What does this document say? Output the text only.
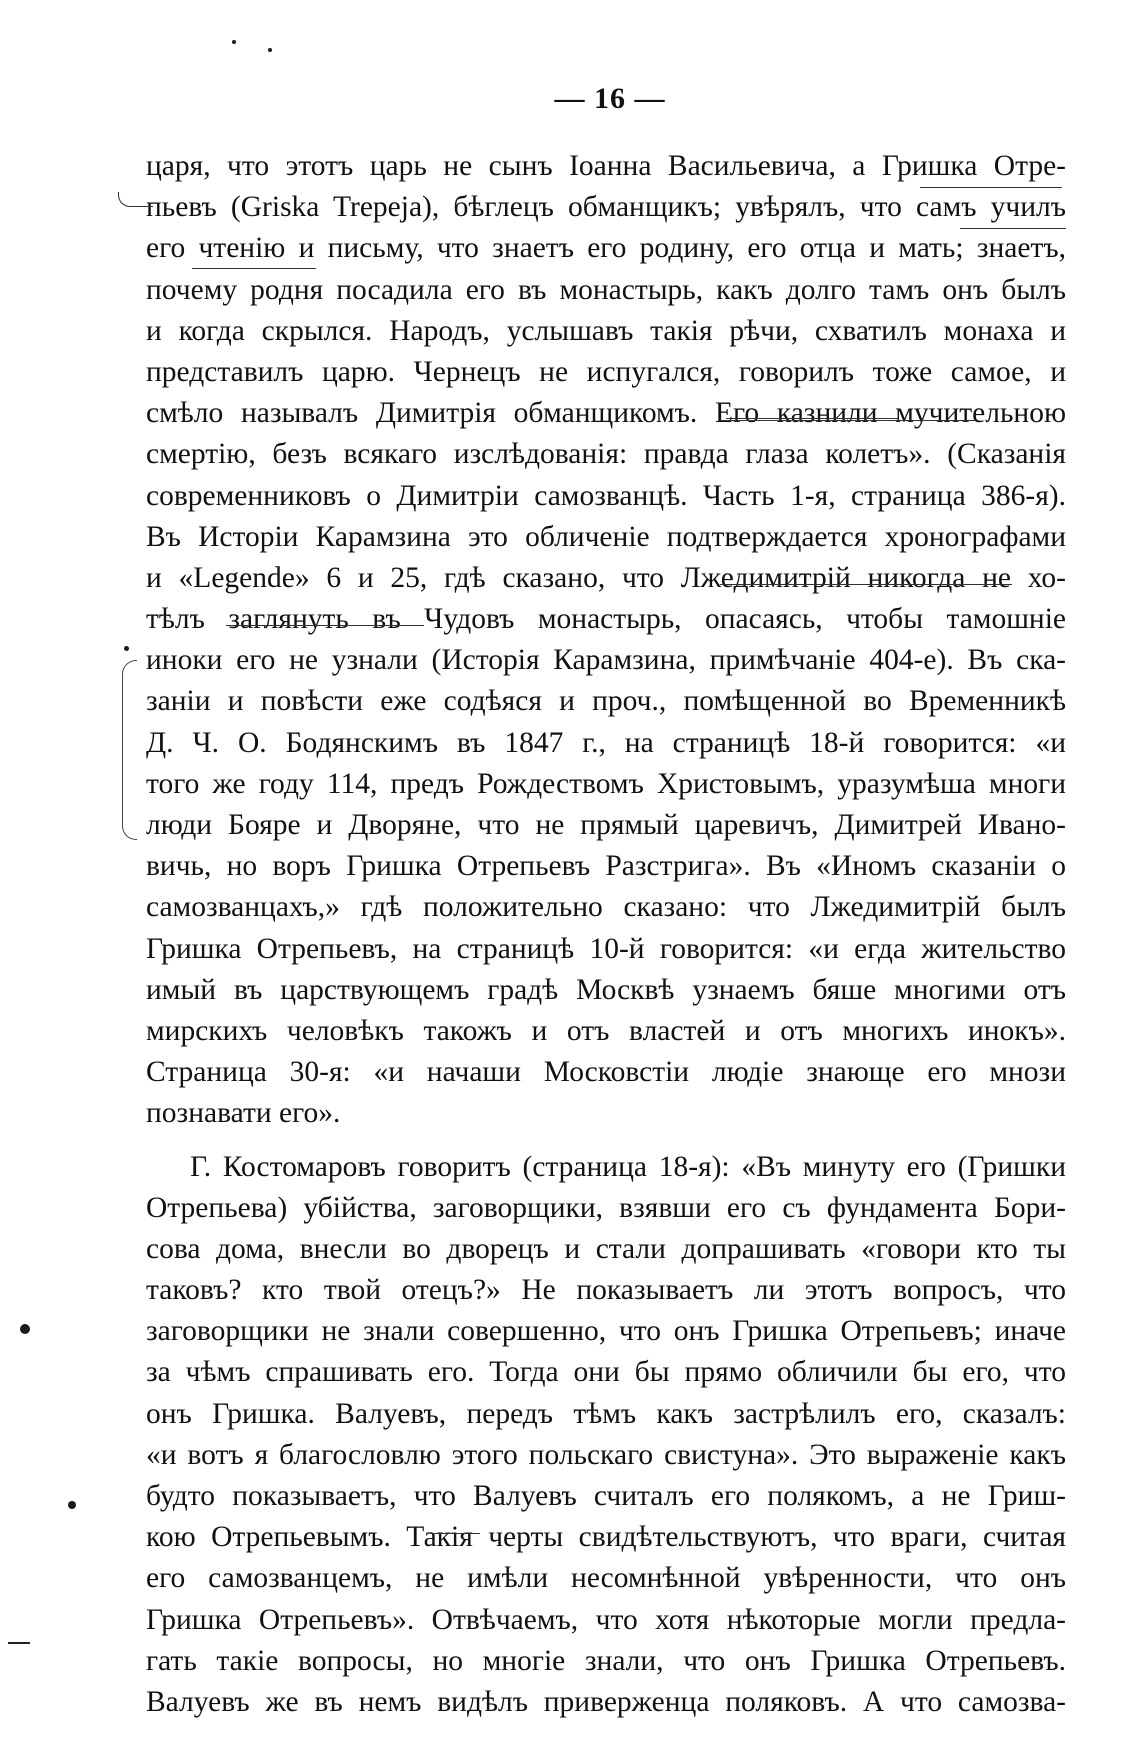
— 16 —
царя, что этотъ царь не сынъ Іоанна Васильевича, а Гришка Отре-
пьевъ (Griska Trepeja), бѣглецъ обманщикъ; увѣрялъ, что самъ училъ
его чтенію и письму, что знаетъ его родину, его отца и мать; знаетъ,
почему родня посадила его въ монастырь, какъ долго тамъ онъ былъ
и когда скрылся. Народъ, услышавъ такія рѣчи, схватилъ монаха и
представилъ царю. Чернецъ не испугался, говорилъ тоже самое, и
смѣло называлъ Димитрія обманщикомъ. Его казнили мучительною
смертію, безъ всякаго изслѣдованія: правда глаза колетъ». (Сказанія
современниковъ о Димитріи самозванцѣ. Часть 1-я, страница 386-я).
Въ Исторіи Карамзина это обличеніе подтверждается хронографами
и «Legende» 6 и 25, гдѣ сказано, что Лжедимитрій никогда не хо-
тѣлъ заглянуть въ Чудовъ монастырь, опасаясь, чтобы тамошніе
иноки его не узнали (Исторія Карамзина, примѣчаніе 404-е). Въ ска-
заніи и повѣсти еже содѣяся и проч., помѣщенной во Временникѣ
Д. Ч. О. Бодянскимъ въ 1847 г., на страницѣ 18-й говорится: «и
того же году 114, предъ Рождествомъ Христовымъ, уразумѣша многи
люди Бояре и Дворяне, что не прямый царевичъ, Димитрей Ивано-
вичь, но воръ Гришка Отрепьевъ Разстрига». Въ «Иномъ сказаніи о
самозванцахъ,» гдѣ положительно сказано: что Лжедимитрій былъ
Гришка Отрепьевъ, на страницѣ 10-й говорится: «и егда жительство
имый въ царствующемъ градѣ Москвѣ узнаемъ бяше многими отъ
мирскихъ человѣкъ такожъ и отъ властей и отъ многихъ инокъ».
Страница 30-я: «и начаши Московстіи людіе знающе его мнози
познавати его».
Г. Костомаровъ говоритъ (страница 18-я): «Въ минуту его (Гришки
Отрепьева) убійства, заговорщики, взявши его съ фундамента Бори-
сова дома, внесли во дворецъ и стали допрашивать «говори кто ты
таковъ? кто твой отецъ?» Не показываетъ ли этотъ вопросъ, что
заговорщики не знали совершенно, что онъ Гришка Отрепьевъ; иначе
за чѣмъ спрашивать его. Тогда они бы прямо обличили бы его, что
онъ Гришка. Валуевъ, передъ тѣмъ какъ застрѣлилъ его, сказалъ:
«и вотъ я благословлю этого польскаго свистуна». Это выраженіе какъ
будто показываетъ, что Валуевъ считалъ его полякомъ, а не Гриш-
кою Отрепьевымъ. Такія черты свидѣтельствуютъ, что враги, считая
его самозванцемъ, не имѣли несомнѣнной увѣренности, что онъ
Гришка Отрепьевъ». Отвѣчаемъ, что хотя нѣкоторые могли предла-
гать такіе вопросы, но многіе знали, что онъ Гришка Отрепьевъ.
Валуевъ же въ немъ видѣлъ приверженца поляковъ. А что самозва-
